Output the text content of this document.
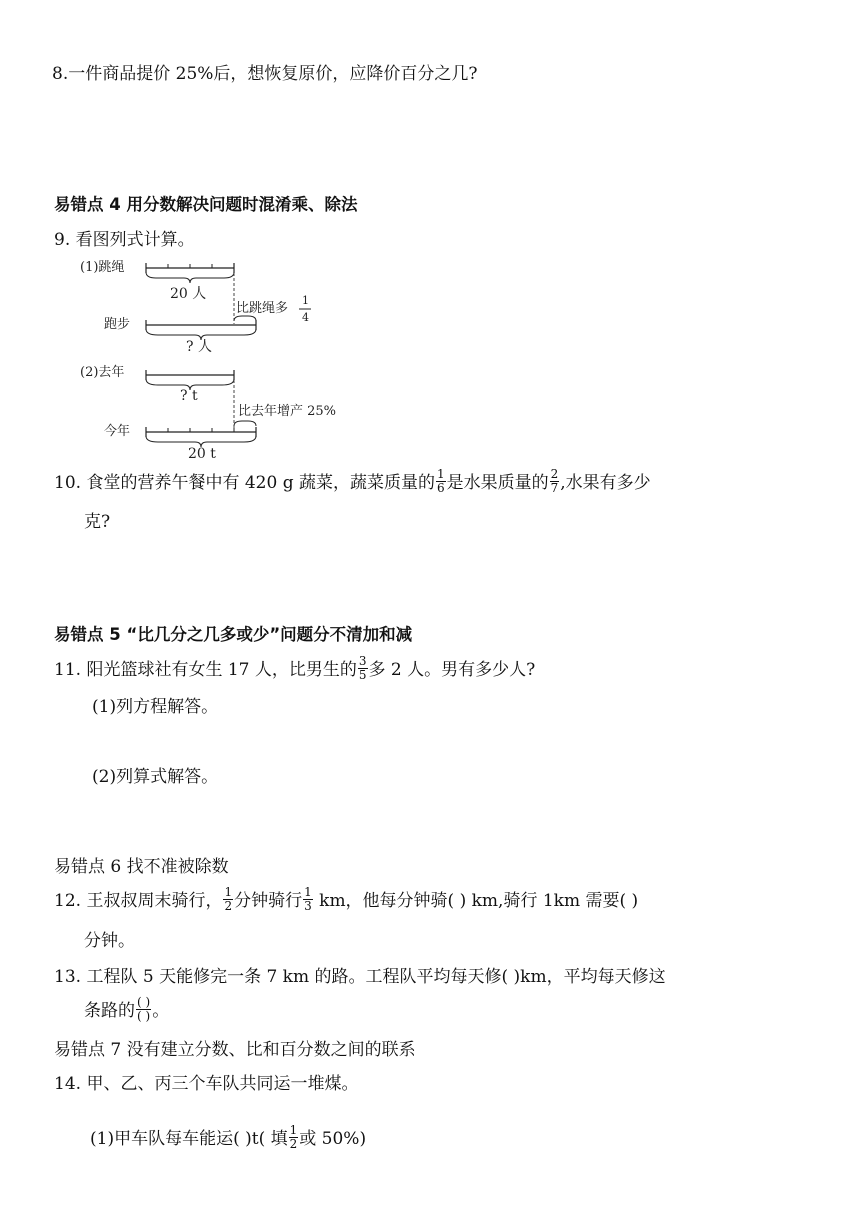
8.一件商品提价 25%后，想恢复原价，应降价百分之几?
易错点 4 用分数解决问题时混淆乘、除法
9. 看图列式计算。
(1)跳绳
20 人
比跳绳多
1
4
跑步
? 人
(2)去年
? t
比去年增产 25%
今年
20 t
10. 食堂的营养午餐中有 420 g 蔬菜，蔬菜质量的 $\frac{1}{6}$ 是水果质量的 $\frac{2}{7}$ ,水果有多少
克?
易错点 5 “比几分之几多或少”问题分不清加和减
11. 阳光篮球社有女生 17 人，比男生的 $\frac{3}{5}$ 多 2 人。男有多少人?
(1)列方程解答。
(2)列算式解答。
易错点 6 找不准被除数
12. 王叔叔周末骑行， $\frac{1}{2}$ 分钟骑行 $\frac{1}{3}$ km，他每分钟骑( ) km,骑行 1km 需要( )
分钟。
13. 工程队 5 天能修完一条 7 km 的路。工程队平均每天修( )km，平均每天修这
条路的 $\frac{( )}{( )}$ 。
易错点 7 没有建立分数、比和百分数之间的联系
14. 甲、乙、丙三个车队共同运一堆煤。
(1)甲车队每车能运( )t( 填 $\frac{1}{2}$ 或 50%)
